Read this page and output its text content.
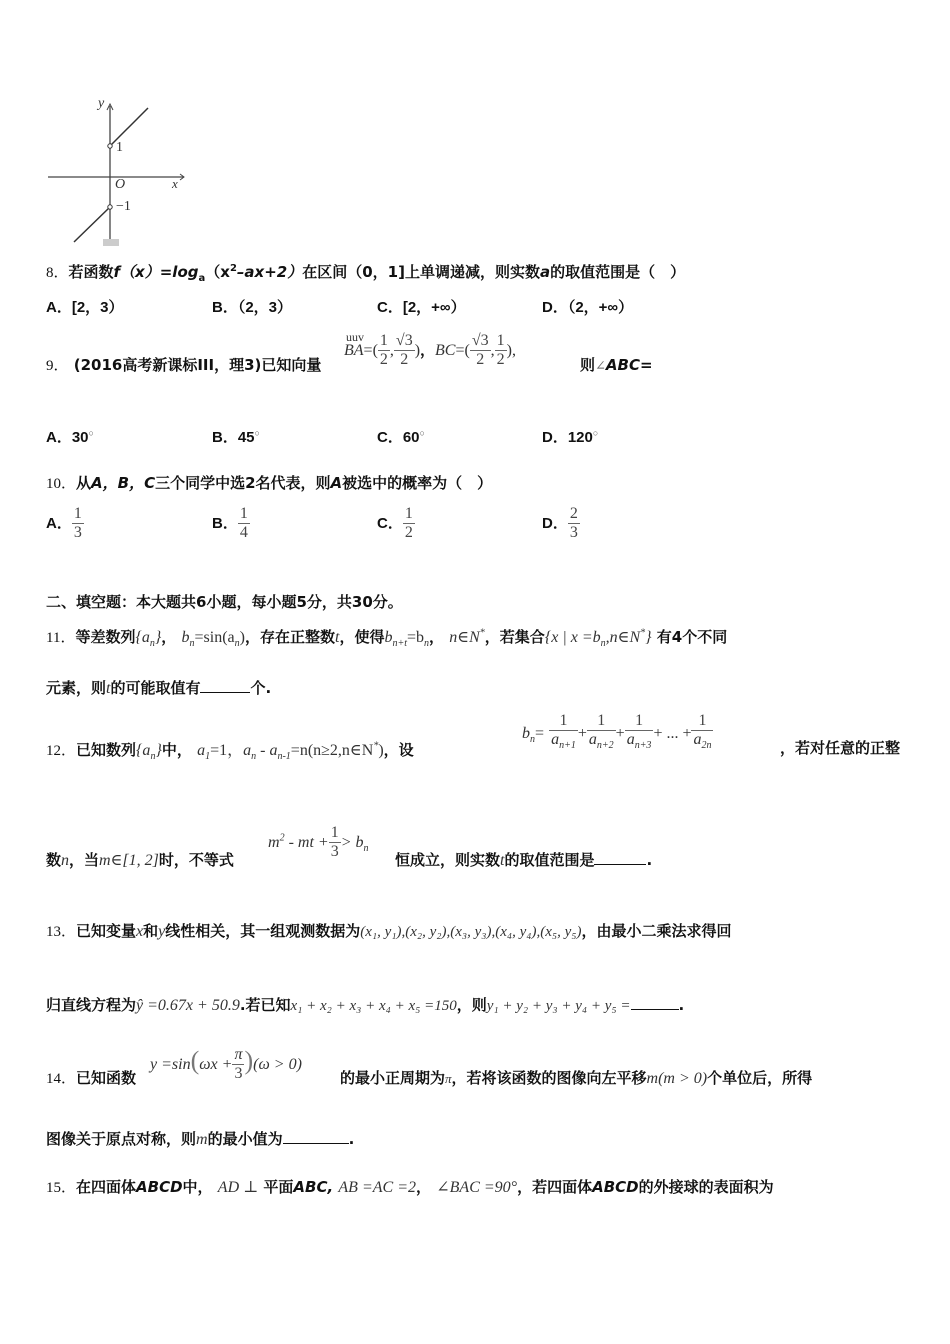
y
x
O
1
−1
8．若函数$f(x)=\log_a(x^2-ax+2)$在区间（0，1]上单调递减，则实数a的取值范围是（　）
A．[2，3）	B．（2，3）	C．[2，+∞）	D．（2，+∞）
9． (2016高考新课标III，理3)已知向量
uuv
$BA=( \frac{1}{2}$ , $\frac{√3}{2}$ )，$BC=( \frac{√3}{2}$ , $\frac{1}{2}$ ),
则∠ABC=
A．30○	B．45○	C．60○	D．120○
10．从A，B，C三个同学中选2名代表，则A被选中的概率为（　）
A． $\frac{1}{3}$	B． $\frac{1}{4}$	C． $\frac{1}{2}$	D． $\frac{2}{3}$
二、填空题：本大题共6小题，每小题5分，共30分。
11．等差数列$\{a_n\}$， $b_n=\sin(a_n)$，存在正整数t，使得$b_{n+t}=b_n$， n∈N*，若集合{x | $x =b_n,n\in N^*$} 有4个不同
元素，则t的可能取值有	个.
12．已知数列$\{a_n\}$中， $a_1=1$，$a_n$ - $a_{n-1}=n(n\ge 2,n\in N^*)$，设
$b_n= \frac{1}{a_{n+1}} + \frac{1}{a_{n+2}} + \frac{1}{a_{n+3}}$ + ... + $\frac{1}{a_{2n}}$	，若对任意的正整
数n，当m∈[1, 2]时，不等式
$m^2$ - mt + $\frac{1}{3} > b_n$
恒成立，则实数t的取值范围是	.
13．已知变量x和y线性相关，其一组观测数据为(x₁, y₁),(x₂, y₂),(x₃, y₃),(x₄, y₄),(x₅, y₅)，由最小二乘法求得回
归直线方程为ŷ =0.67x + 50.9.若已知x₁ + x₂ + x₃ + x₄ + x₅ =150，则y₁ + y₂ + y₃ + y₄ + y₅ =	.
14．已知函数
$y =\sin(\omega x + \frac{\pi}{3} )(\omega > 0)$
的最小正周期为π，若将该函数的图像向左平移m(m > 0)个单位后，所得
图像关于原点对称，则m的最小值为	.
15．在四面体ABCD中， AD ⊥ 平面ABC, AB =AC =2， ∠BAC =90°，若四面体ABCD的外接球的表面积为
